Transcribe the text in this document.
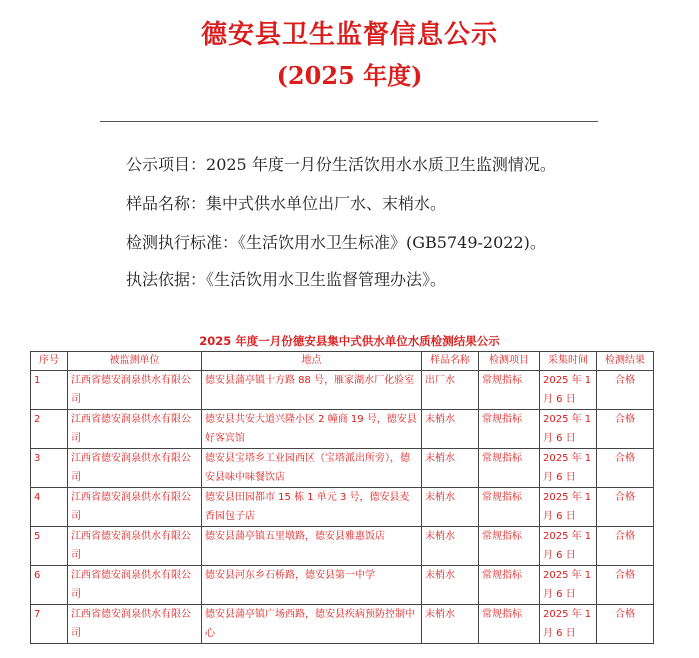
德安县卫生监督信息公示
(2025 年度)
公示项目：2025 年度一月份生活饮用水水质卫生监测情况。
样品名称：集中式供水单位出厂水、末梢水。
检测执行标准：《生活饮用水卫生标准》(GB5749-2022)。
执法依据：《生活饮用水卫生监督管理办法》。
2025 年度一月份德安县集中式供水单位水质检测结果公示
序号	被监测单位	地点	样品名称	检测项目	采集时间	检测结果
1	江西省德安润泉供水有限公司	德安县蒲亭镇十方路 88 号，雁家湖水厂化验室	出厂水	常规指标	2025 年 1 月 6 日	合格
2	江西省德安润泉供水有限公司	德安县共安大道兴隆小区 2 幢商 19 号，德安县好客宾馆	末梢水	常规指标	2025 年 1 月 6 日	合格
3	江西省德安润泉供水有限公司	德安县宝塔乡工业园西区（宝塔派出所旁），德安县味中味餐饮店	末梢水	常规指标	2025 年 1 月 6 日	合格
4	江西省德安润泉供水有限公司	德安县田园都市 15 栋 1 单元 3 号，德安县麦香园包子店	末梢水	常规指标	2025 年 1 月 6 日	合格
5	江西省德安润泉供水有限公司	德安县蒲亭镇五里墩路，德安县雅惠饭店	末梢水	常规指标	2025 年 1 月 6 日	合格
6	江西省德安润泉供水有限公司	德安县河东乡石桥路，德安县第一中学	末梢水	常规指标	2025 年 1 月 6 日	合格
7	江西省德安润泉供水有限公司	德安县蒲亭镇广场西路，德安县疾病预防控制中心	末梢水	常规指标	2025 年 1 月 6 日	合格
